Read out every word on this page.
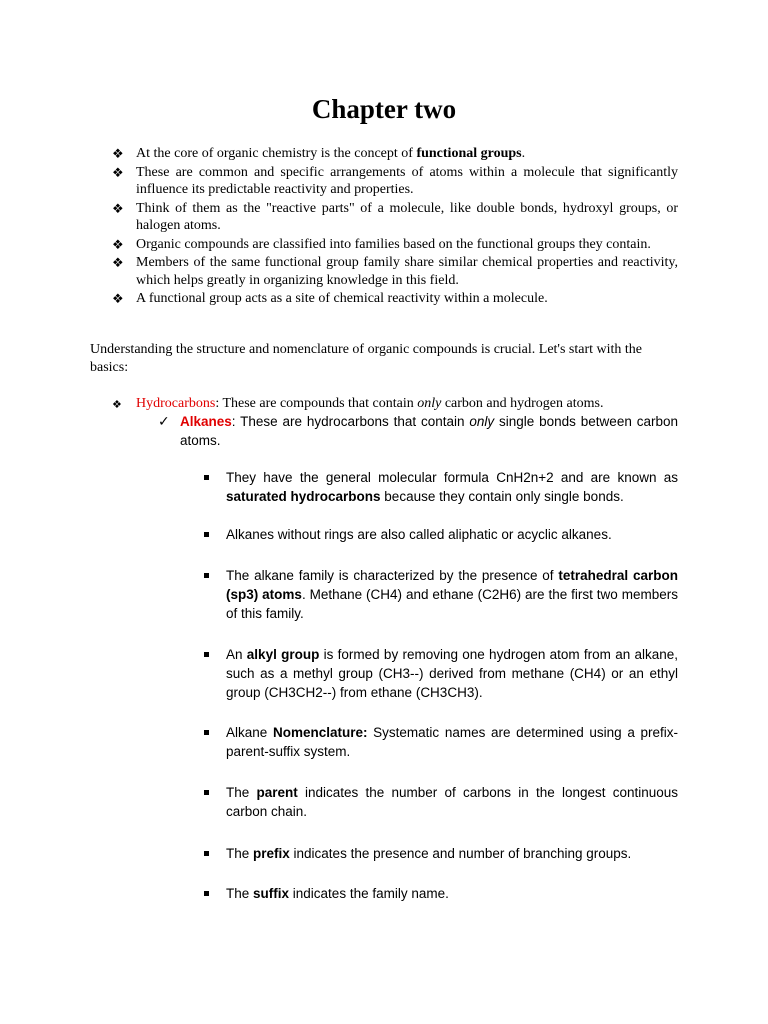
Chapter two
❖ At the core of organic chemistry is the concept of functional groups.
❖ These are common and specific arrangements of atoms within a molecule that significantly influence its predictable reactivity and properties.
❖ Think of them as the "reactive parts" of a molecule, like double bonds, hydroxyl groups, or halogen atoms.
❖ Organic compounds are classified into families based on the functional groups they contain.
❖ Members of the same functional group family share similar chemical properties and reactivity, which helps greatly in organizing knowledge in this field.
❖ A functional group acts as a site of chemical reactivity within a molecule.
Understanding the structure and nomenclature of organic compounds is crucial. Let's start with the basics:
❖	Hydrocarbons: These are compounds that contain only carbon and hydrogen atoms.
✓ Alkanes: These are hydrocarbons that contain only single bonds between carbon atoms.
They have the general molecular formula CnH2n+2 and are known as saturated hydrocarbons because they contain only single bonds.
Alkanes without rings are also called aliphatic or acyclic alkanes.
The alkane family is characterized by the presence of tetrahedral carbon (sp3) atoms. Methane (CH4) and ethane (C2H6) are the first two members of this family.
An alkyl group is formed by removing one hydrogen atom from an alkane, such as a methyl group (CH3--) derived from methane (CH4) or an ethyl group (CH3CH2--) from ethane (CH3CH3).
Alkane Nomenclature: Systematic names are determined using a prefix-parent-suffix system.
The parent indicates the number of carbons in the longest continuous carbon chain.
The prefix indicates the presence and number of branching groups.
The suffix indicates the family name.
